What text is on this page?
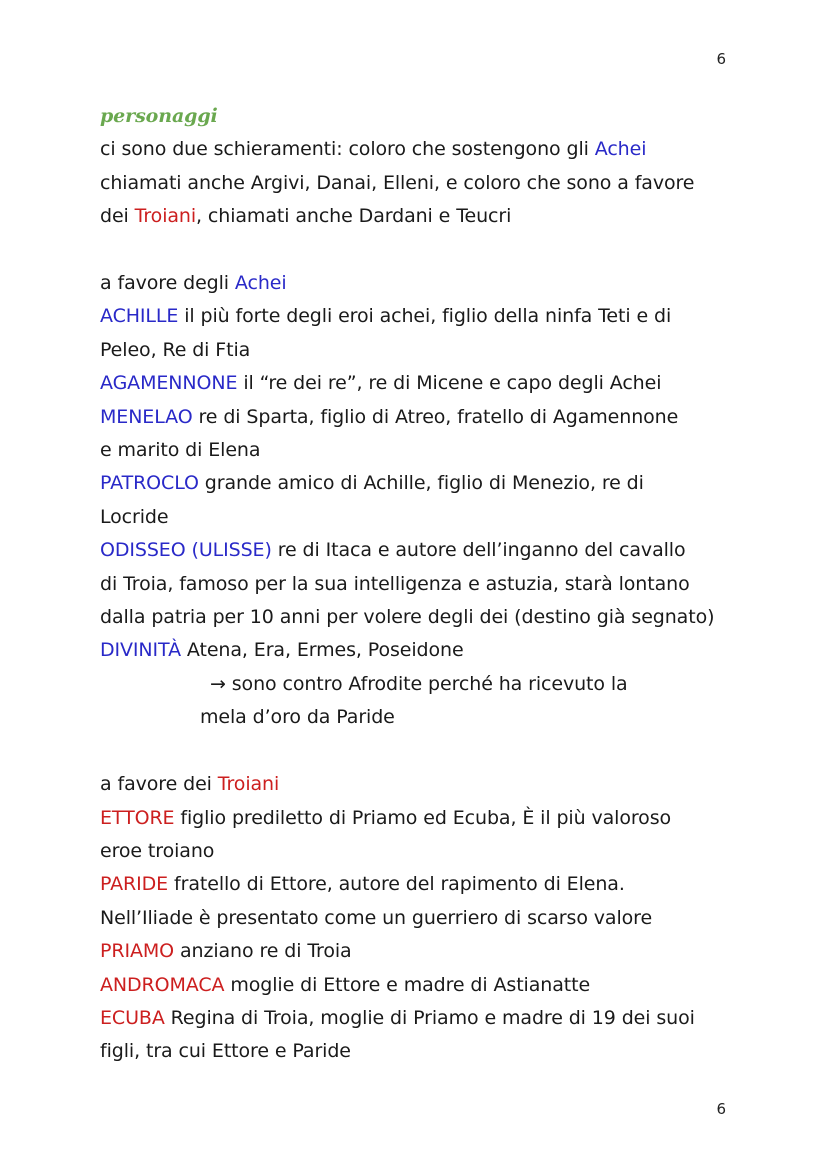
6

personaggi

ci sono due schieramenti: coloro che sostengono gli Achei

chiamati anche Argivi, Danai, Elleni, e coloro che sono a favore

dei Troiani, chiamati anche Dardani e Teucri

a favore degli Achei

ACHILLE il più forte degli eroi achei, figlio della ninfa Teti e di

Peleo, Re di Ftia

AGAMENNONE il “re dei re”, re di Micene e capo degli Achei

MENELAO re di Sparta, figlio di Atreo, fratello di Agamennone

e marito di Elena

PATROCLO grande amico di Achille, figlio di Menezio, re di

Locride

ODISSEO (ULISSE) re di Itaca e autore dell’inganno del cavallo

di Troia, famoso per la sua intelligenza e astuzia, starà lontano

dalla patria per 10 anni per volere degli dei (destino già segnato)

DIVINITÀ Atena, Era, Ermes, Poseidone

→ sono contro Afrodite perché ha ricevuto la

mela d’oro da Paride

a favore dei Troiani

ETTORE figlio prediletto di Priamo ed Ecuba, È il più valoroso

eroe troiano

PARIDE fratello di Ettore, autore del rapimento di Elena.

Nell’Iliade è presentato come un guerriero di scarso valore

PRIAMO anziano re di Troia

ANDROMACA moglie di Ettore e madre di Astianatte

ECUBA Regina di Troia, moglie di Priamo e madre di 19 dei suoi

figli, tra cui Ettore e Paride

6
